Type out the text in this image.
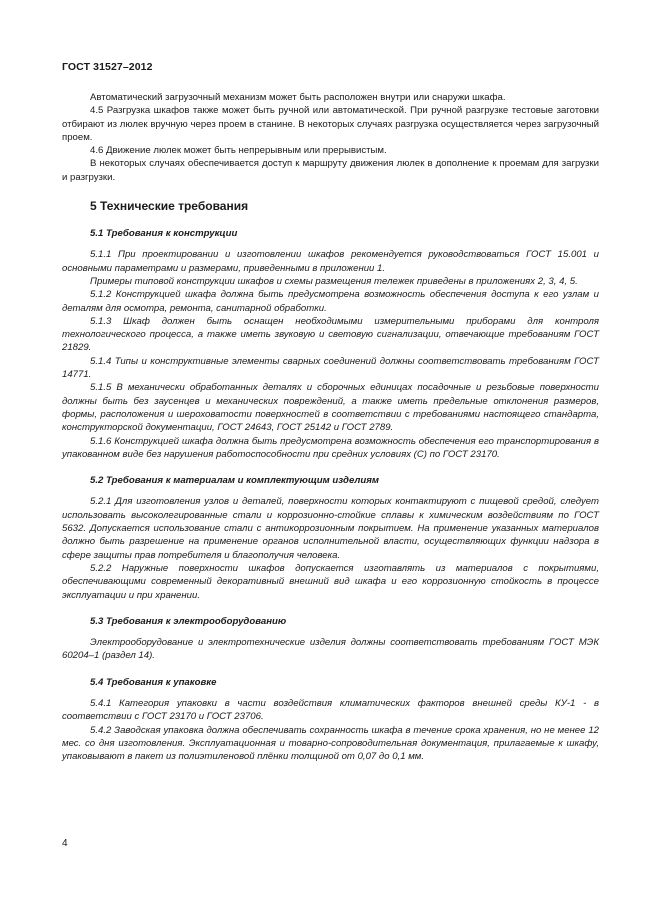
ГОСТ 31527–2012

Автоматический загрузочный механизм может быть расположен внутри или снаружи шкафа.

4.5 Разгрузка шкафов также может быть ручной или автоматической. При ручной разгрузке тестовые заготовки отбирают из люлек вручную через проем в станине. В некоторых случаях разгрузка осуществляется через загрузочный проем.

4.6 Движение люлек может быть непрерывным или прерывистым.

В некоторых случаях обеспечивается доступ к маршруту движения люлек в дополнение к проемам для загрузки и разгрузки.

5 Технические требования
5.1 Требования к конструкции

5.1.1 При проектировании и изготовлении шкафов рекомендуется руководствоваться ГОСТ 15.001 и основными параметрами и размерами, приведенными в приложении 1.

Примеры типовой конструкции шкафов и схемы размещения тележек приведены в приложениях 2, 3, 4, 5.

5.1.2 Конструкцией шкафа должна быть предусмотрена возможность обеспечения доступа к его узлам и деталям для осмотра, ремонта, санитарной обработки.

5.1.3 Шкаф должен быть оснащен необходимыми измерительными приборами для контроля технологического процесса, а также иметь звуковую и световую сигнализации, отвечающие требованиям ГОСТ 21829.

5.1.4 Типы и конструктивные элементы сварных соединений должны соответствовать требованиям ГОСТ 14771.

5.1.5 В механически обработанных деталях и сборочных единицах посадочные и резьбовые поверхности должны быть без заусенцев и механических повреждений, а также иметь предельные отклонения размеров, формы, расположения и шероховатости поверхностей в соответствии с требованиями настоящего стандарта, конструкторской документации, ГОСТ 24643, ГОСТ 25142 и ГОСТ 2789.

5.1.6 Конструкцией шкафа должна быть предусмотрена возможность обеспечения его транспортирования в упакованном виде без нарушения работоспособности при средних условиях (С) по ГОСТ 23170.

5.2 Требования к материалам и комплектующим изделиям

5.2.1 Для изготовления узлов и деталей, поверхности которых контактируют с пищевой средой, следует использовать высоколегированные стали и коррозионно-стойкие сплавы к химическим воздействиям по ГОСТ 5632. Допускается использование стали с антикоррозионным покрытием. На применение указанных материалов должно быть разрешение на применение органов исполнительной власти, осуществляющих функции надзора в сфере защиты прав потребителя и благополучия человека.

5.2.2 Наружные поверхности шкафов допускается изготавлять из материалов с покрытиями, обеспечивающими современный декоративный внешний вид шкафа и его коррозионную стойкость в процессе эксплуатации и при хранении.

5.3 Требования к электрооборудованию

Электрооборудование и электротехнические изделия должны соответствовать требованиям ГОСТ МЭК 60204–1 (раздел 14).

5.4 Требования к упаковке

5.4.1 Категория упаковки в части воздействия климатических факторов внешней среды КУ-1 - в соответствии с ГОСТ 23170 и ГОСТ 23706.

5.4.2 Заводская упаковка должна обеспечивать сохранность шкафа в течение срока хранения, но не менее 12 мес. со дня изготовления. Эксплуатационная и товарно-сопроводительная документация, прилагаемые к шкафу, упаковывают в пакет из полиэтиленовой плёнки толщиной от 0,07 до 0,1 мм.

4
